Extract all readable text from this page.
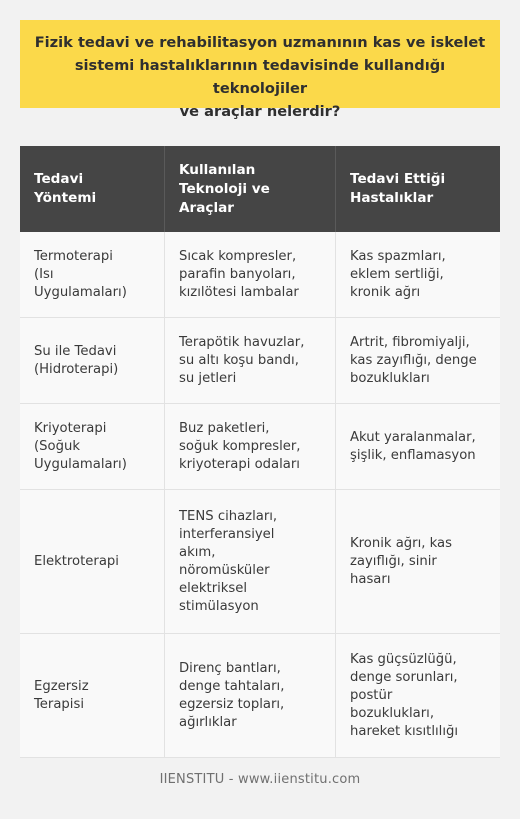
Fizik tedavi ve rehabilitasyon uzmanının kas ve iskelet
sistemi hastalıklarının tedavisinde kullandığı teknolojiler
ve araçlar nelerdir?
Tedavi
Yöntemi
Kullanılan
Teknoloji ve
Araçlar
Tedavi Ettiği
Hastalıklar
Termoterapi
(Isı
Uygulamaları)
Sıcak kompresler,
parafin banyoları,
kızılötesi lambalar
Kas spazmları,
eklem sertliği,
kronik ağrı
Su ile Tedavi
(Hidroterapi)
Terapötik havuzlar,
su altı koşu bandı,
su jetleri
Artrit, fibromiyalji,
kas zayıflığı, denge
bozuklukları
Kriyoterapi
(Soğuk
Uygulamaları)
Buz paketleri,
soğuk kompresler,
kriyoterapi odaları
Akut yaralanmalar,
şişlik, enflamasyon
Elektroterapi
TENS cihazları,
interferansiyel
akım,
nöromüsküler
elektriksel
stimülasyon
Kronik ağrı, kas
zayıflığı, sinir
hasarı
Egzersiz
Terapisi
Direnç bantları,
denge tahtaları,
egzersiz topları,
ağırlıklar
Kas güçsüzlüğü,
denge sorunları,
postür
bozuklukları,
hareket kısıtlılığı
IIENSTITU - www.iienstitu.com
